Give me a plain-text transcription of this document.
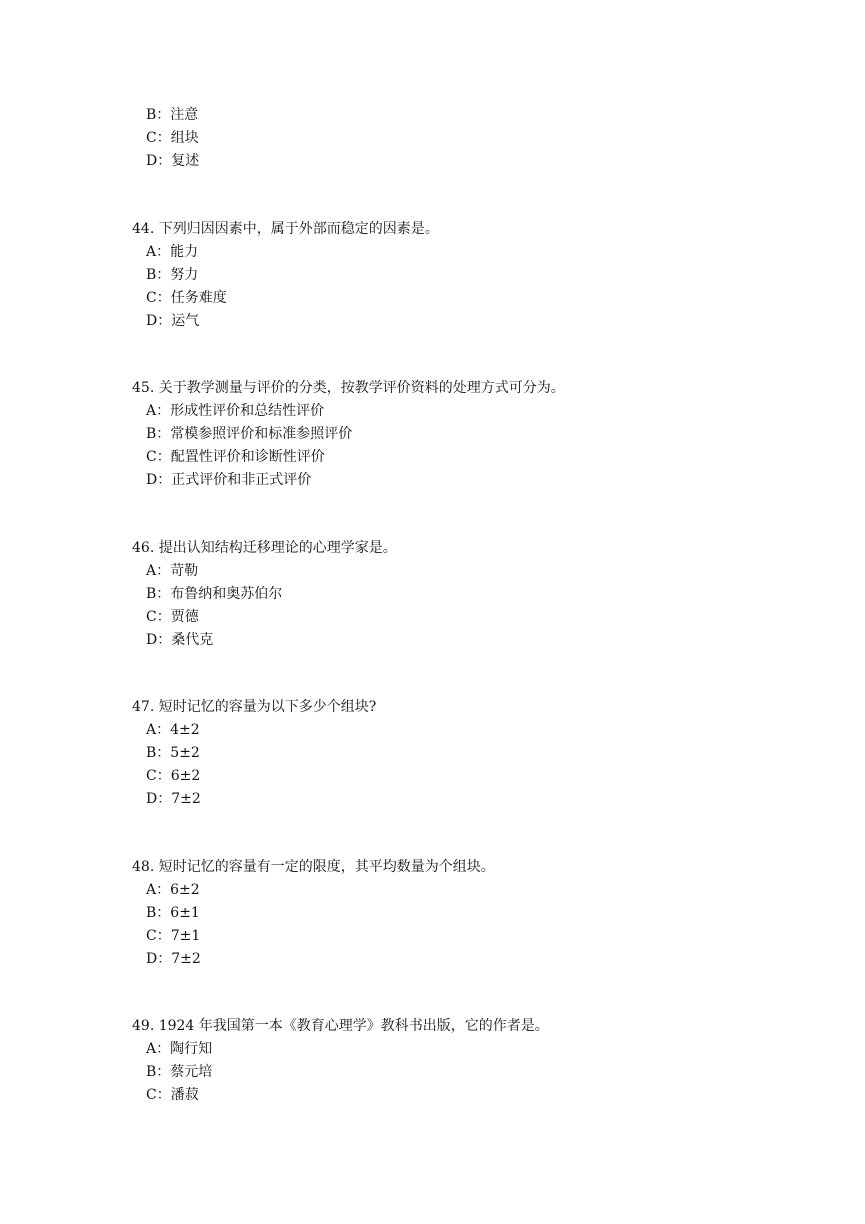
B：注意
C：组块
D：复述
44. 下列归因因素中，属于外部而稳定的因素是。
A：能力
B：努力
C：任务难度
D：运气
45. 关于教学测量与评价的分类，按教学评价资料的处理方式可分为。
A：形成性评价和总结性评价
B：常模参照评价和标准参照评价
C：配置性评价和诊断性评价
D：正式评价和非正式评价
46. 提出认知结构迁移理论的心理学家是。
A：苛勒
B：布鲁纳和奥苏伯尔
C：贾德
D：桑代克
47. 短时记忆的容量为以下多少个组块?
A：4±2
B：5±2
C：6±2
D：7±2
48. 短时记忆的容量有一定的限度，其平均数量为个组块。
A：6±2
B：6±1
C：7±1
D：7±2
49. 1924 年我国第一本《教育心理学》教科书出版，它的作者是。
A：陶行知
B：蔡元培
C：潘菽
